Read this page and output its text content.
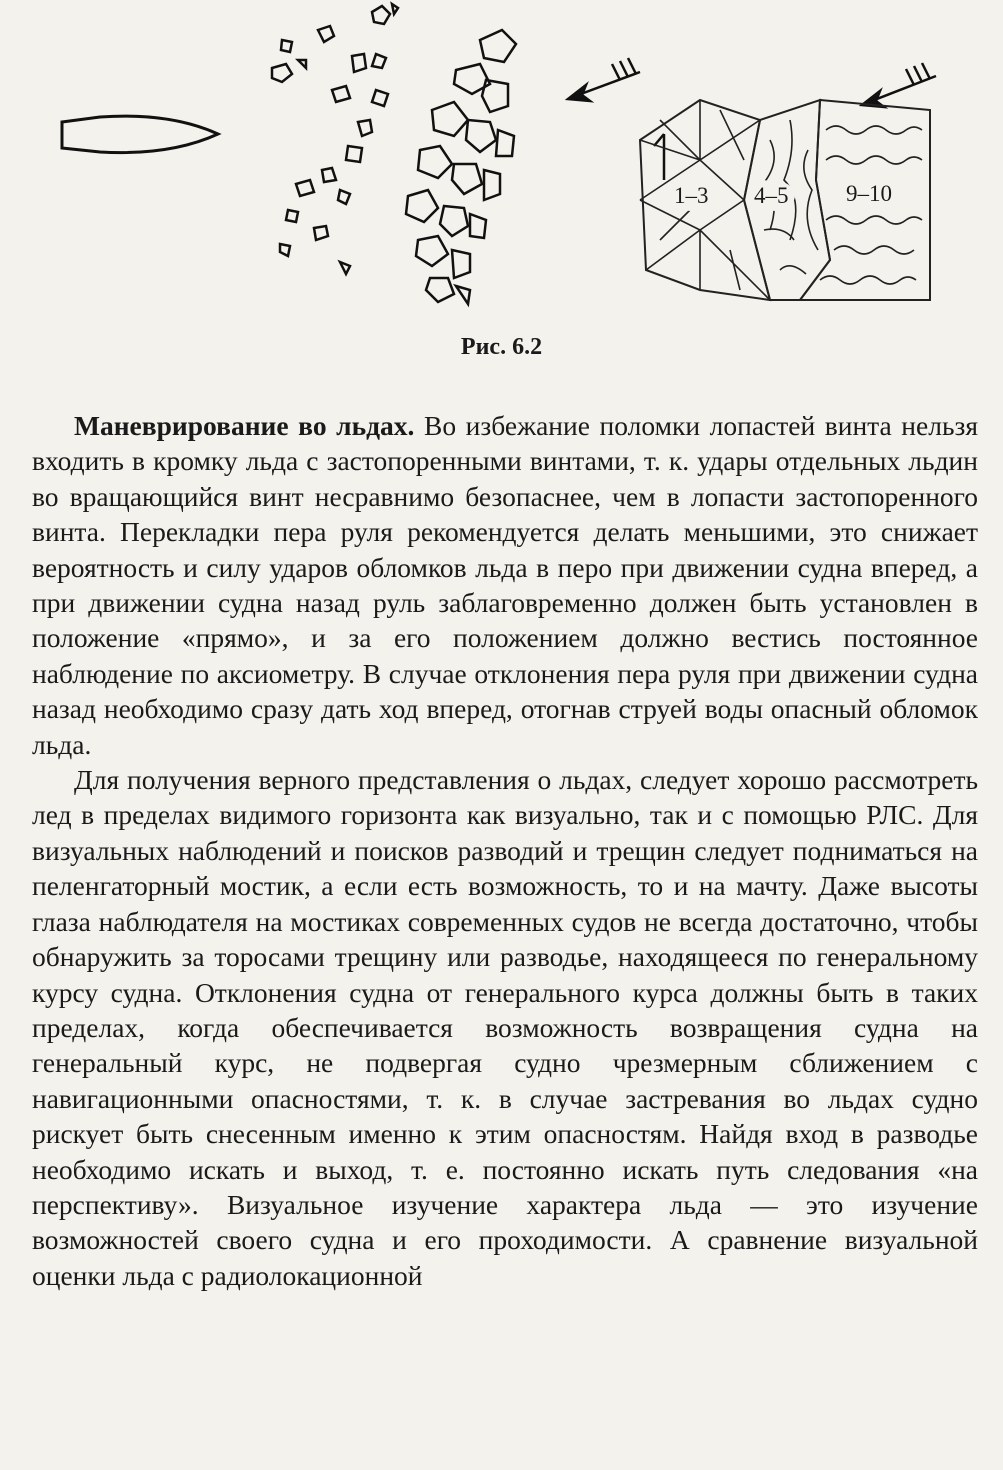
1–3 4–5	9–10
Рис. 6.2

Маневрирование во льдах. Во избежание поломки лопастей винта нельзя входить в кромку льда с застопоренными винтами, т. к. удары отдельных льдин во вращающийся винт несравнимо безопаснее, чем в лопасти застопоренного винта. Перекладки пера руля рекомендуется делать меньшими, это снижает вероятность и силу ударов обломков льда в перо при движении судна вперед, а при движении судна назад руль заблаговременно должен быть установлен в положение «прямо», и за его положением должно вестись постоянное наблюдение по аксиометру. В случае отклонения пера руля при движении судна назад необходимо сразу дать ход вперед, отогнав струей воды опасный обломок льда.

Для получения верного представления о льдах, следует хорошо рассмотреть лед в пределах видимого горизонта как визуально, так и с помощью РЛС. Для визуальных наблюдений и поисков разводий и трещин следует подниматься на пеленгаторный мостик, а если есть возможность, то и на мачту. Даже высоты глаза наблюдателя на мостиках современных судов не всегда достаточно, чтобы обнаружить за торосами трещину или разводье, находящееся по генеральному курсу судна. Отклонения судна от генерального курса должны быть в таких пределах, когда обеспечивается возможность возвращения судна на генеральный курс, не подвергая судно чрезмерным сближением с навигационными опасностями, т. к. в случае застревания во льдах судно рискует быть снесенным именно к этим опасностям. Найдя вход в разводье необходимо искать и выход, т. е. постоянно искать путь следования «на перспективу». Визуальное изучение характера льда — это изучение возможностей своего судна и его проходимости. А сравнение визуальной оценки льда с радиолокационной
